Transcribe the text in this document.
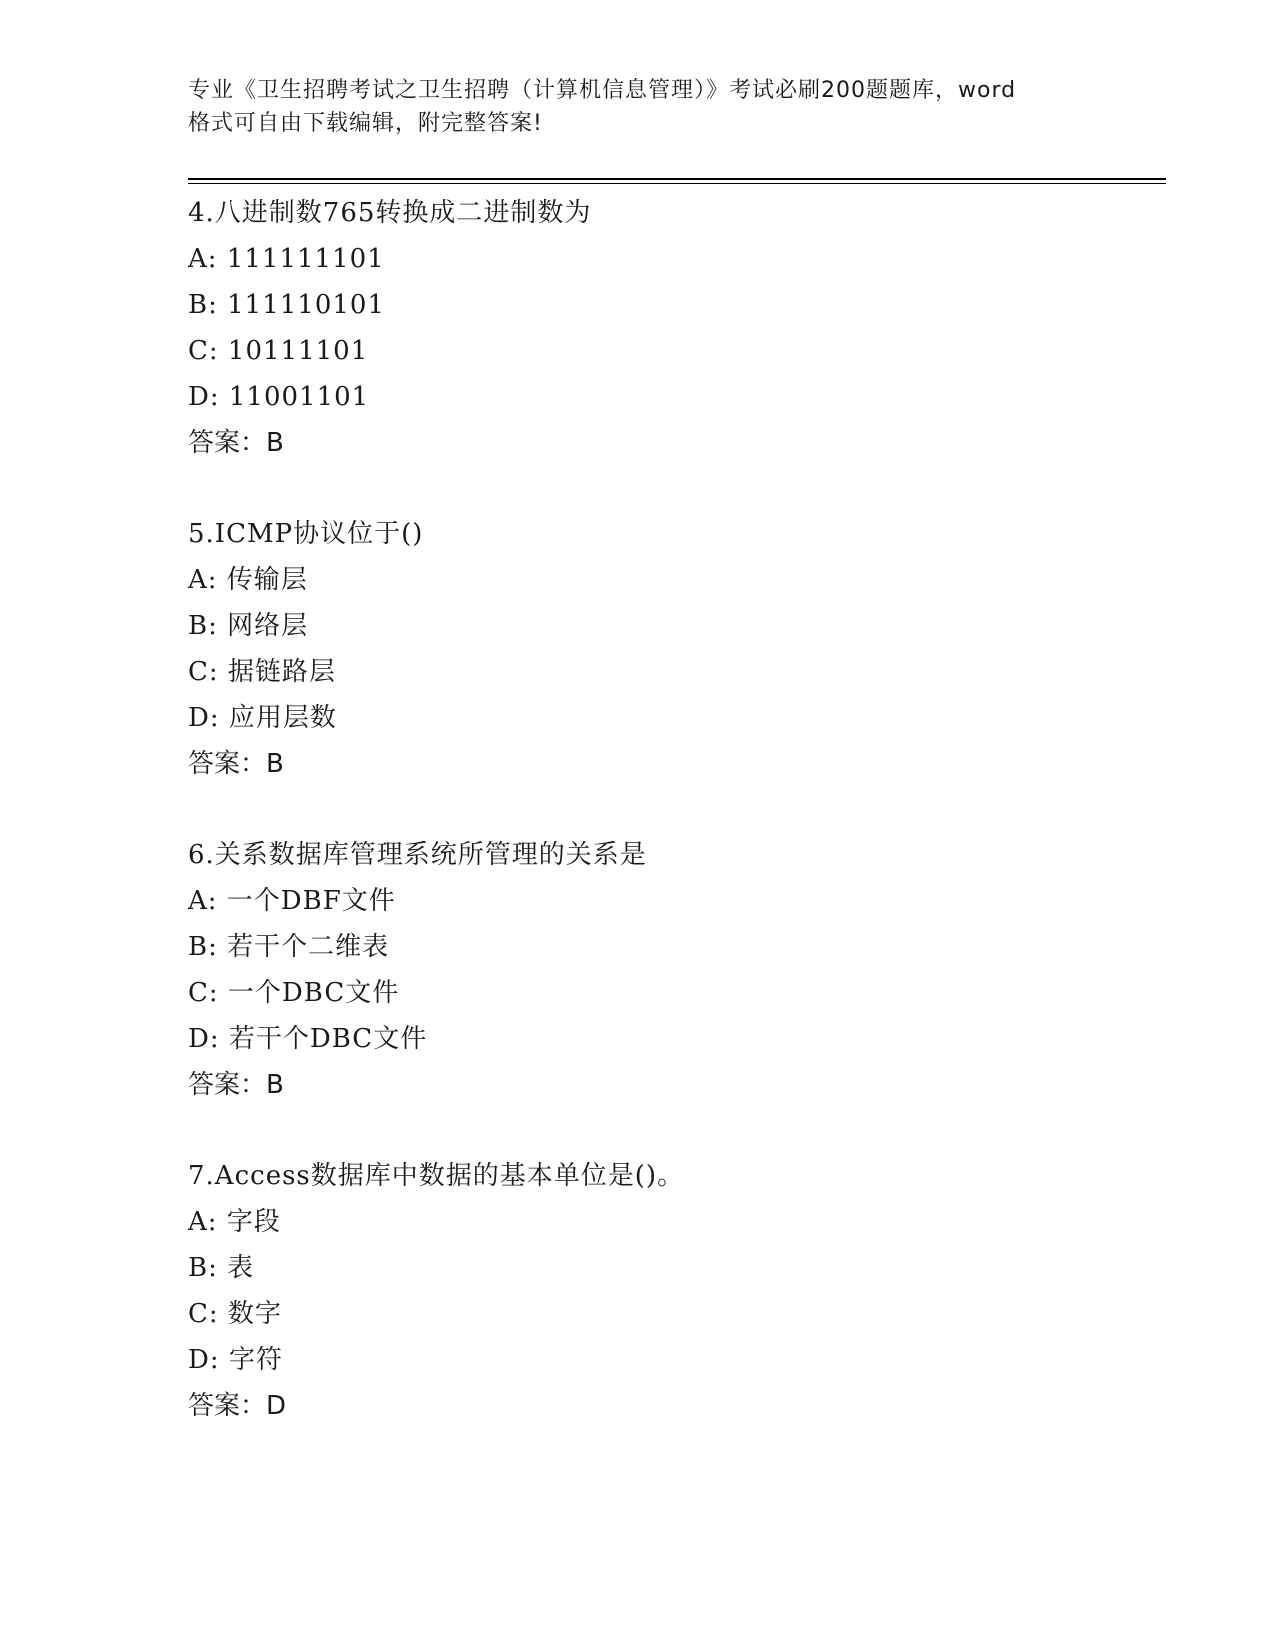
专业《卫生招聘考试之卫生招聘（计算机信息管理）》考试必刷200题题库，word
格式可自由下载编辑，附完整答案!
4.八进制数765转换成二进制数为
A: 111111101
B: 111110101
C: 10111101
D: 11001101
答案：B
5.ICMP协议位于()
A: 传输层
B: 网络层
C: 据链路层
D: 应用层数
答案：B
6.关系数据库管理系统所管理的关系是
A: 一个DBF文件
B: 若干个二维表
C: 一个DBC文件
D: 若干个DBC文件
答案：B
7.Access数据库中数据的基本单位是()。
A: 字段
B: 表
C: 数字
D: 字符
答案：D
